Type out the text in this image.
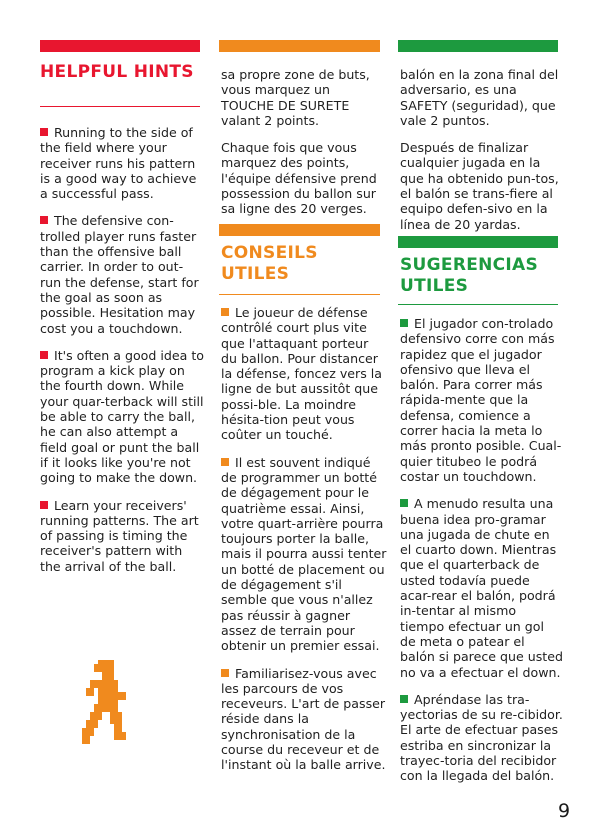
HELPFUL HINTS

Running to the side of the field where your receiver runs his pattern is a good way to achieve a successful pass.

The defensive con-trolled player runs faster than the offensive ball carrier. In order to out-run the defense, start for the goal as soon as possible. Hesitation may cost you a touchdown.

It's often a good idea to program a kick play on the fourth down. While your quar-terback will still be able to carry the ball, he can also attempt a field goal or punt the ball if it looks like you're not going to make the down.

Learn your receivers' running patterns. The art of passing is timing the receiver's pattern with the arrival of the ball.

sa propre zone de buts, vous marquez un TOUCHE DE SURETE valant 2 points.

Chaque fois que vous marquez des points, l'équipe défensive prend possession du ballon sur sa ligne des 20 verges.

CONSEILS UTILES

Le joueur de défense contrôlé court plus vite que l'attaquant porteur du ballon. Pour distancer la défense, foncez vers la ligne de but aussitôt que possi-ble. La moindre hésita-tion peut vous coûter un touché.

Il est souvent indiqué de programmer un botté de dégagement pour le quatrième essai. Ainsi, votre quart-arrière pourra toujours porter la balle, mais il pourra aussi tenter un botté de placement ou de dégagement s'il semble que vous n'allez pas réussir à gagner assez de terrain pour obtenir un premier essai.

Familiarisez-vous avec les parcours de vos receveurs. L'art de passer réside dans la synchronisation de la course du receveur et de l'instant où la balle arrive.

balón en la zona final del adversario, es una SAFETY (seguridad), que vale 2 puntos.

Después de finalizar cualquier jugada en la que ha obtenido pun-tos, el balón se trans-fiere al equipo defen-sivo en la línea de 20 yardas.

SUGERENCIAS UTILES

El jugador con-trolado defensivo corre con más rapidez que el jugador ofensivo que lleva el balón. Para correr más rápida-mente que la defensa, comience a correr hacia la meta lo más pronto posible. Cual-quier titubeo le podrá costar un touchdown.

A menudo resulta una buena idea pro-gramar una jugada de chute en el cuarto down. Mientras que el quarterback de usted todavía puede acar-rear el balón, podrá in-tentar al mismo tiempo efectuar un gol de meta o patear el balón si parece que usted no va a efectuar el down.

Apréndase las tra-yectorias de su re-cibidor. El arte de efectuar pases estriba en sincronizar la trayec-toria del recibidor con la llegada del balón.

9
